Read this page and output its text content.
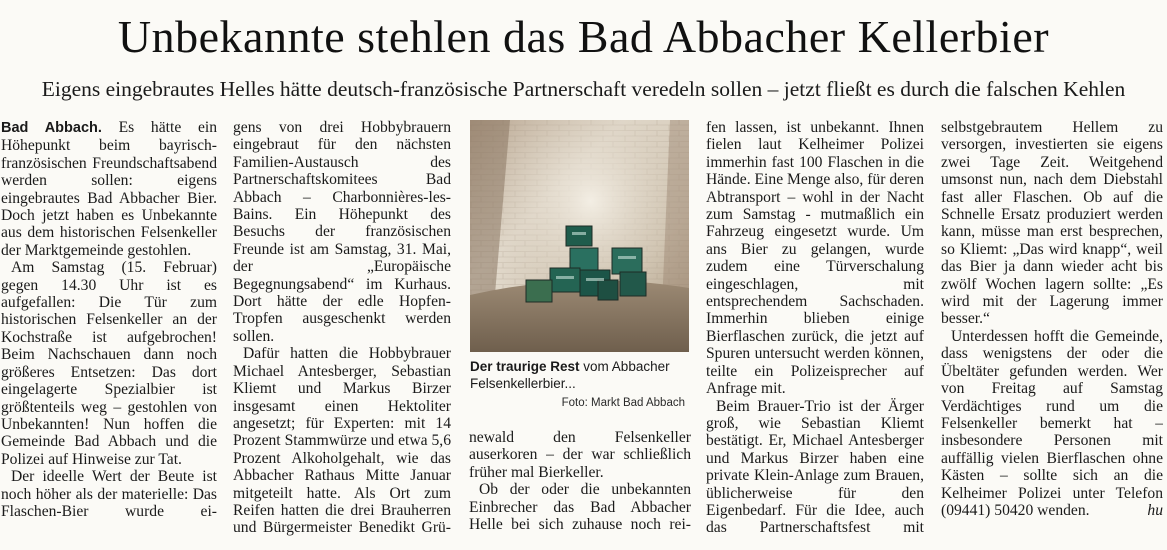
Unbekannte stehlen das Bad Abbacher Kellerbier
Eigens eingebrautes Helles hätte deutsch-französische Partnerschaft veredeln sollen – jetzt fließt es durch die falschen Kehlen

Bad Abbach. Es hätte ein Höhepunkt beim bayrisch-französischen Freundschaftsabend werden sollen: eigens eingebrautes Bad Abbacher Bier. Doch jetzt haben es Unbekannte aus dem historischen Felsenkeller der Marktgemeinde gestohlen.

Am Samstag (15. Februar) gegen 14.30 Uhr ist es aufgefallen: Die Tür zum historischen Felsenkeller an der Kochstraße ist aufgebrochen! Beim Nachschauen dann noch größeres Entsetzen: Das dort eingelagerte Spezialbier ist größtenteils weg – gestohlen von Unbekannten! Nun hoffen die Gemeinde Bad Abbach und die Polizei auf Hinweise zur Tat.

Der ideelle Wert der Beute ist noch höher als der materielle: Das Flaschen-Bier wurde ei-

gens von drei Hobbybrauern eingebraut für den nächsten Familien-Austausch des Partnerschaftskomitees Bad Abbach – Charbonnières-les-Bains. Ein Höhepunkt des Besuchs der französischen Freunde ist am Samstag, 31. Mai, der „Europäische Begegnungsabend“ im Kurhaus. Dort hätte der edle Hopfen-Tropfen ausgeschenkt werden sollen.

Dafür hatten die Hobbybrauer Michael Antesberger, Sebastian Kliemt und Markus Birzer insgesamt einen Hektoliter angesetzt; für Experten: mit 14 Prozent Stammwürze und etwa 5,6 Prozent Alkoholgehalt, wie das Abbacher Rathaus Mitte Januar mitgeteilt hatte. Als Ort zum Reifen hatten die drei Brauherren und Bürgermeister Benedikt Grü-

Der traurige Rest vom Abbacher Felsenkellerbier...
Foto: Markt Bad Abbach

newald den Felsenkeller auserkoren – der war schließlich früher mal Bierkeller.

Ob der oder die unbekannten Einbrecher das Bad Abbacher Helle bei sich zuhause noch rei-

fen lassen, ist unbekannt. Ihnen fielen laut Kelheimer Polizei immerhin fast 100 Flaschen in die Hände. Eine Menge also, für deren Abtransport – wohl in der Nacht zum Samstag - mutmaßlich ein Fahrzeug eingesetzt wurde. Um ans Bier zu gelangen, wurde zudem eine Türverschalung eingeschlagen, mit entsprechendem Sachschaden. Immerhin blieben einige Bierflaschen zurück, die jetzt auf Spuren untersucht werden können, teilte ein Polizeisprecher auf Anfrage mit.

Beim Brauer-Trio ist der Ärger groß, wie Sebastian Kliemt bestätigt. Er, Michael Antesberger und Markus Birzer haben eine private Klein-Anlage zum Brauen, üblicherweise für den Eigenbedarf. Für die Idee, auch das Partnerschaftsfest mit

selbstgebrautem Hellem zu versorgen, investierten sie eigens zwei Tage Zeit. Weitgehend umsonst nun, nach dem Diebstahl fast aller Flaschen. Ob auf die Schnelle Ersatz produziert werden kann, müsse man erst besprechen, so Kliemt: „Das wird knapp“, weil das Bier ja dann wieder acht bis zwölf Wochen lagern sollte: „Es wird mit der Lagerung immer besser.“

Unterdessen hofft die Gemeinde, dass wenigstens der oder die Übeltäter gefunden werden. Wer von Freitag auf Samstag Verdächtiges rund um die Felsenkeller bemerkt hat – insbesondere Personen mit auffällig vielen Bierflaschen ohne Kästen – sollte sich an die Kelheimer Polizei unter Telefon (09441) 50420 wenden.	hu
